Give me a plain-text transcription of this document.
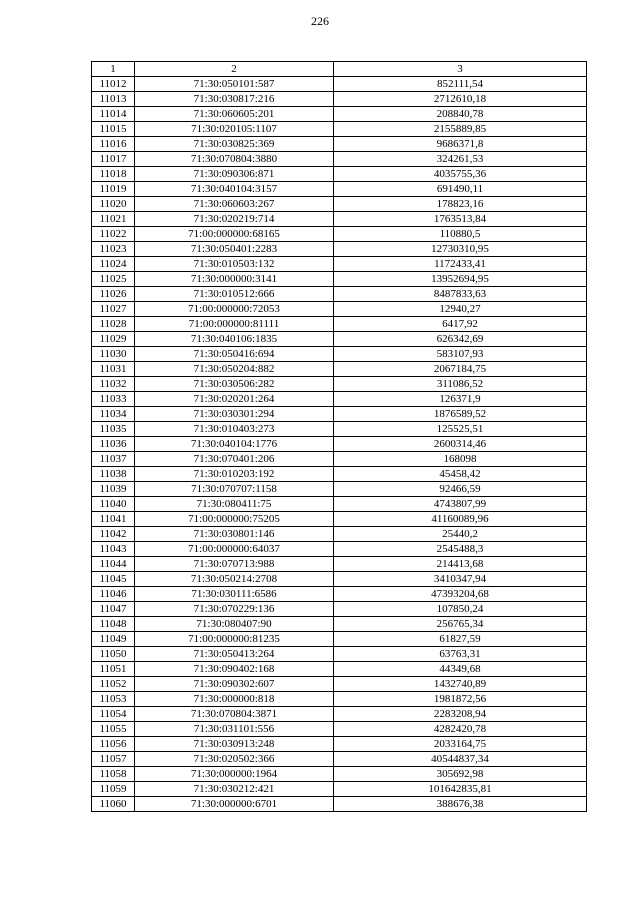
226
1	2	3
11012	71:30:050101:587	852111,54
11013	71:30:030817:216	2712610,18
11014	71:30:060605:201	208840,78
11015	71:30:020105:1107	2155889,85
11016	71:30:030825:369	9686371,8
11017	71:30:070804:3880	324261,53
11018	71:30:090306:871	4035755,36
11019	71:30:040104:3157	691490,11
11020	71:30:060603:267	178823,16
11021	71:30:020219:714	1763513,84
11022	71:00:000000:68165	110880,5
11023	71:30:050401:2283	12730310,95
11024	71:30:010503:132	1172433,41
11025	71:30:000000:3141	13952694,95
11026	71:30:010512:666	8487833,63
11027	71:00:000000:72053	12940,27
11028	71:00:000000:81111	6417,92
11029	71:30:040106:1835	626342,69
11030	71:30:050416:694	583107,93
11031	71:30:050204:882	2067184,75
11032	71:30:030506:282	311086,52
11033	71:30:020201:264	126371,9
11034	71:30:030301:294	1876589,52
11035	71:30:010403:273	125525,51
11036	71:30:040104:1776	2600314,46
11037	71:30:070401:206	168098
11038	71:30:010203:192	45458,42
11039	71:30:070707:1158	92466,59
11040	71:30:080411:75	4743807,99
11041	71:00:000000:75205	41160089,96
11042	71:30:030801:146	25440,2
11043	71:00:000000:64037	2545488,3
11044	71:30:070713:988	214413,68
11045	71:30:050214:2708	3410347,94
11046	71:30:030111:6586	47393204,68
11047	71:30:070229:136	107850,24
11048	71:30:080407:90	256765,34
11049	71:00:000000:81235	61827,59
11050	71:30:050413:264	63763,31
11051	71:30:090402:168	44349,68
11052	71:30:090302:607	1432740,89
11053	71:30:000000:818	1981872,56
11054	71:30:070804:3871	2283208,94
11055	71:30:031101:556	4282420,78
11056	71:30:030913:248	2033164,75
11057	71:30:020502:366	40544837,34
11058	71:30:000000:1964	305692,98
11059	71:30:030212:421	101642835,81
11060	71:30:000000:6701	388676,38
